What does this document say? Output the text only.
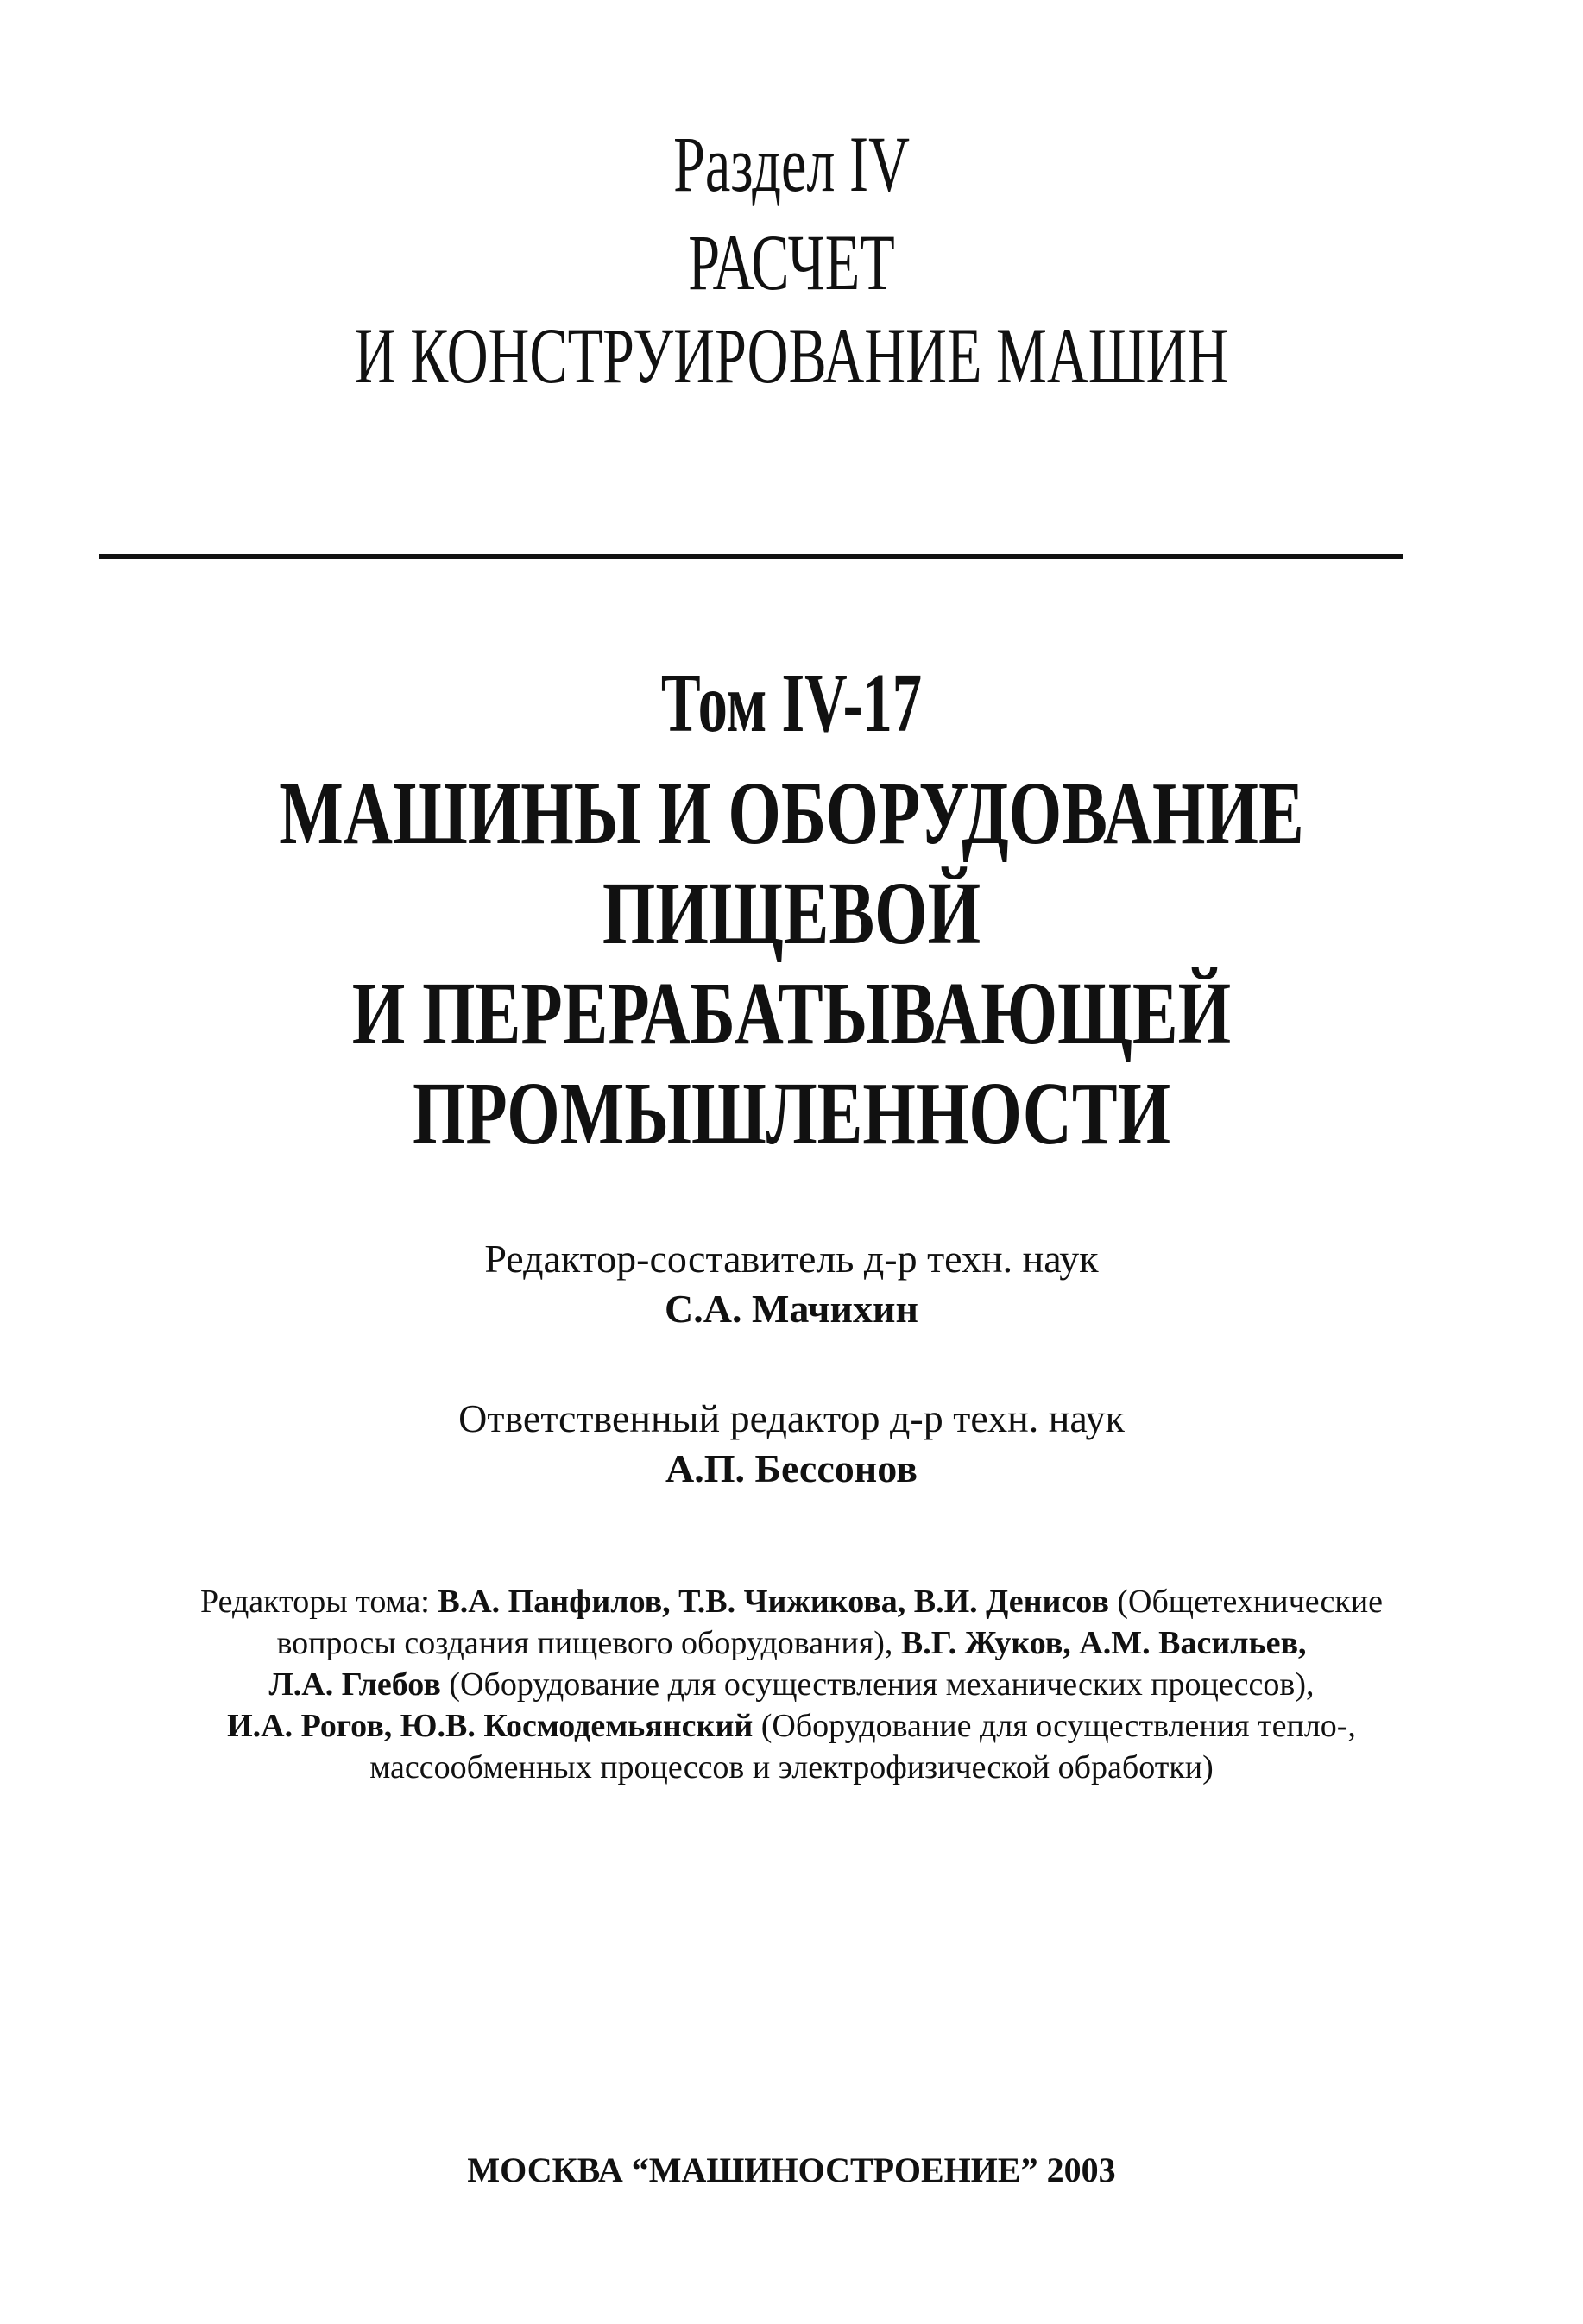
Раздел IV
РАСЧЕТ
И КОНСТРУИРОВАНИЕ МАШИН
Том IV-17
МАШИНЫ И ОБОРУДОВАНИЕ
ПИЩЕВОЙ
И ПЕРЕРАБАТЫВАЮЩЕЙ
ПРОМЫШЛЕННОСТИ
Редактор-составитель д-р техн. наук
С.А. Мачихин
Ответственный редактор д-р техн. наук
А.П. Бессонов
Редакторы тома: В.А. Панфилов, Т.В. Чижикова, В.И. Денисов (Общетехнические
вопросы создания пищевого оборудования), В.Г. Жуков, А.М. Васильев,
Л.А. Глебов (Оборудование для осуществления механических процессов),
И.А. Рогов, Ю.В. Космодемьянский (Оборудование для осуществления тепло-,
массообменных процессов и электрофизической обработки)
МОСКВА “МАШИНОСТРОЕНИЕ” 2003
